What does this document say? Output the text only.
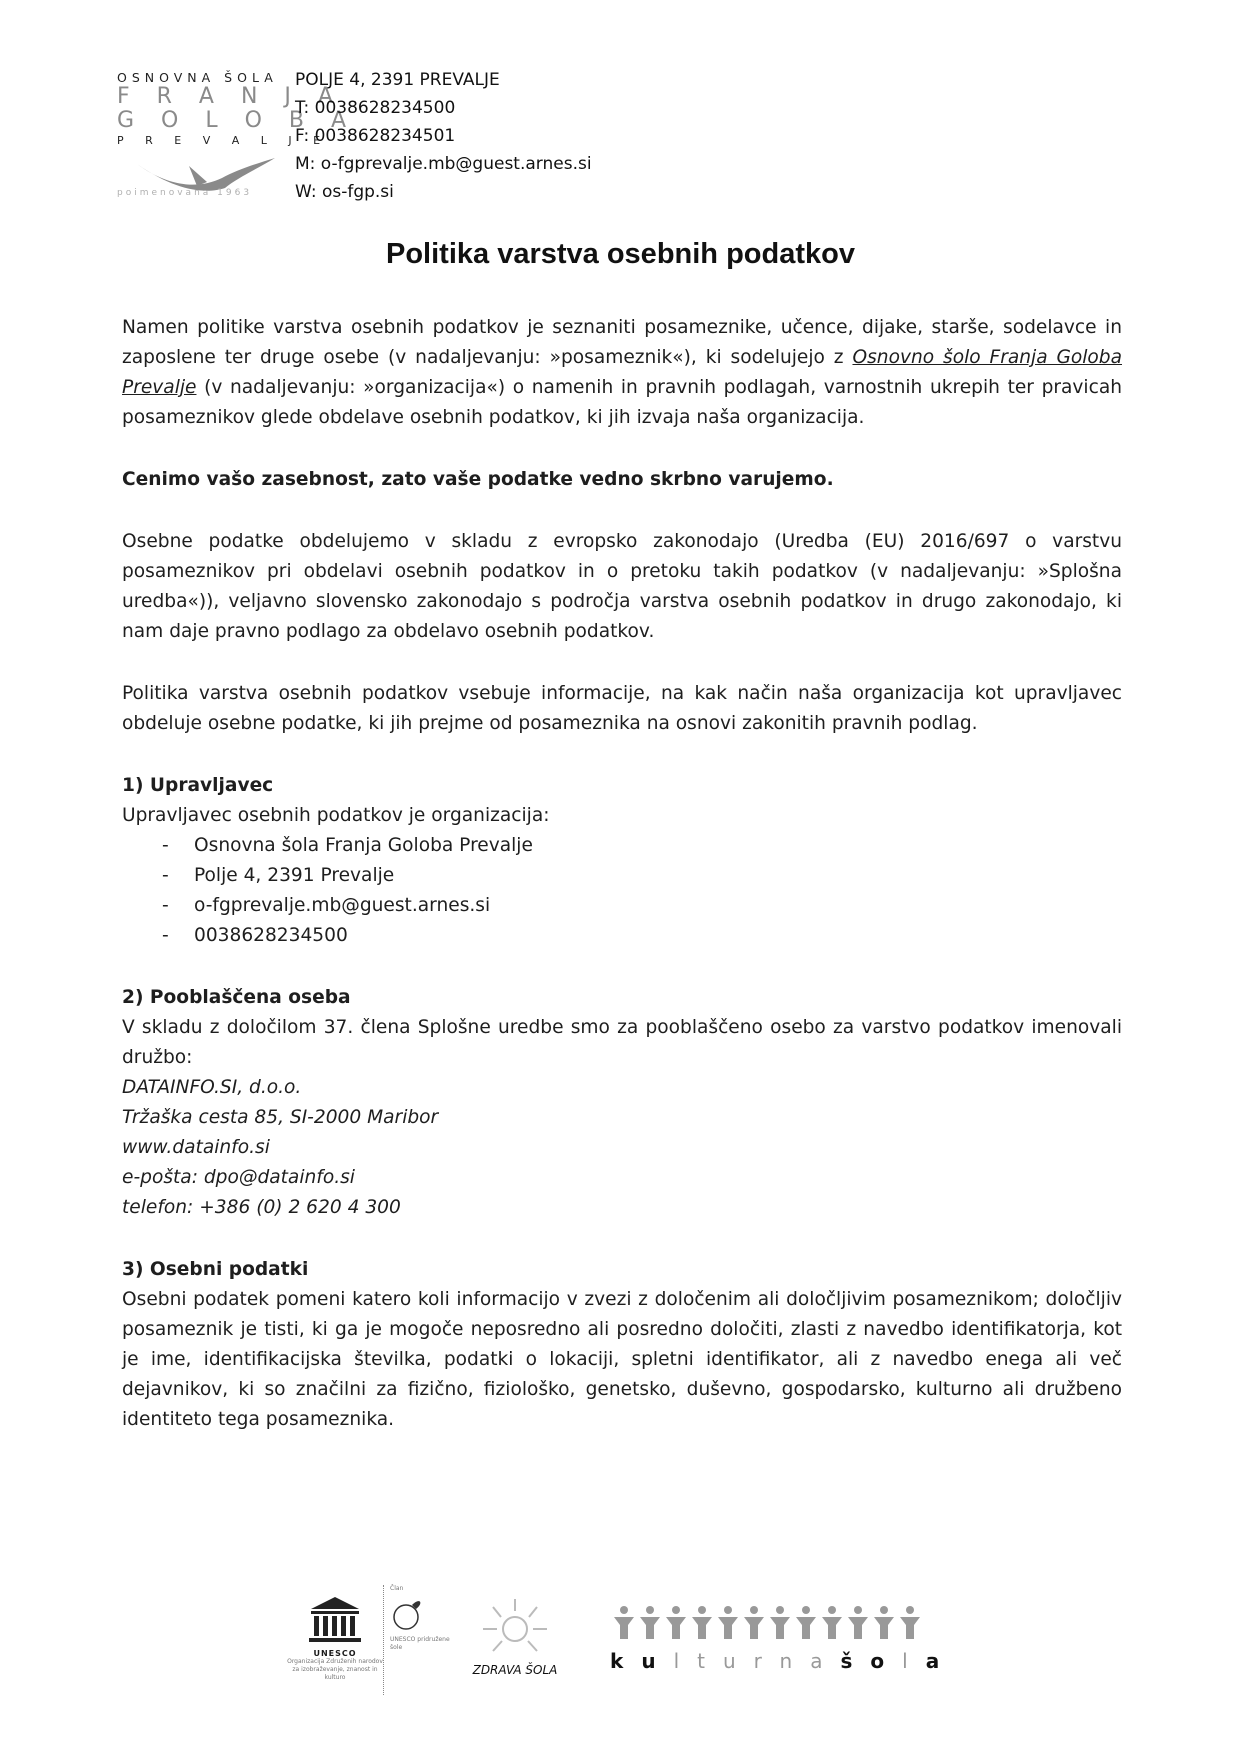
OSNOVNA ŠOLA
F R A N J A
G O L O B A
P R E V A L J E
poimenovana 1963
POLJE 4, 2391 PREVALJE
T: 0038628234500
F: 0038628234501
M: o-fgprevalje.mb@guest.arnes.si
W: os-fgp.si
Politika varstva osebnih podatkov

Namen politike varstva osebnih podatkov je seznaniti posameznike, učence, dijake, starše, sodelavce in zaposlene ter druge osebe (v nadaljevanju: »posameznik«), ki sodelujejo z Osnovno šolo Franja Goloba Prevalje (v nadaljevanju: »organizacija«) o namenih in pravnih podlagah, varnostnih ukrepih ter pravicah posameznikov glede obdelave osebnih podatkov, ki jih izvaja naša organizacija.

Cenimo vašo zasebnost, zato vaše podatke vedno skrbno varujemo.

Osebne podatke obdelujemo v skladu z evropsko zakonodajo (Uredba (EU) 2016/697 o varstvu posameznikov pri obdelavi osebnih podatkov in o pretoku takih podatkov (v nadaljevanju: »Splošna uredba«)), veljavno slovensko zakonodajo s področja varstva osebnih podatkov in drugo zakonodajo, ki nam daje pravno podlago za obdelavo osebnih podatkov.

Politika varstva osebnih podatkov vsebuje informacije, na kak način naša organizacija kot upravljavec obdeluje osebne podatke, ki jih prejme od posameznika na osnovi zakonitih pravnih podlag.

1) Upravljavec

Upravljavec osebnih podatkov je organizacija:

- Osnovna šola Franja Goloba Prevalje
- Polje 4, 2391 Prevalje
- o-fgprevalje.mb@guest.arnes.si
- 0038628234500

2) Pooblaščena oseba

V skladu z določilom 37. člena Splošne uredbe smo za pooblaščeno osebo za varstvo podatkov imenovali družbo:

DATAINFO.SI, d.o.o.

Tržaška cesta 85, SI-2000 Maribor

www.datainfo.si

e-pošta: dpo@datainfo.si

telefon: +386 (0) 2 620 4 300

3) Osebni podatki

Osebni podatek pomeni katero koli informacijo v zvezi z določenim ali določljivim posameznikom; določljiv posameznik je tisti, ki ga je mogoče neposredno ali posredno določiti, zlasti z navedbo identifikatorja, kot je ime, identifikacijska številka, podatki o lokaciji, spletni identifikator, ali z navedbo enega ali več dejavnikov, ki so značilni za fizično, fiziološko, genetsko, duševno, gospodarsko, kulturno ali družbeno identiteto tega posameznika.

UNESCO
Organizacija Združenih narodov za izobraževanje, znanost in kulturo
Član
UNESCO pridružene šole
ZDRAVA ŠOLA	kulturnašola
